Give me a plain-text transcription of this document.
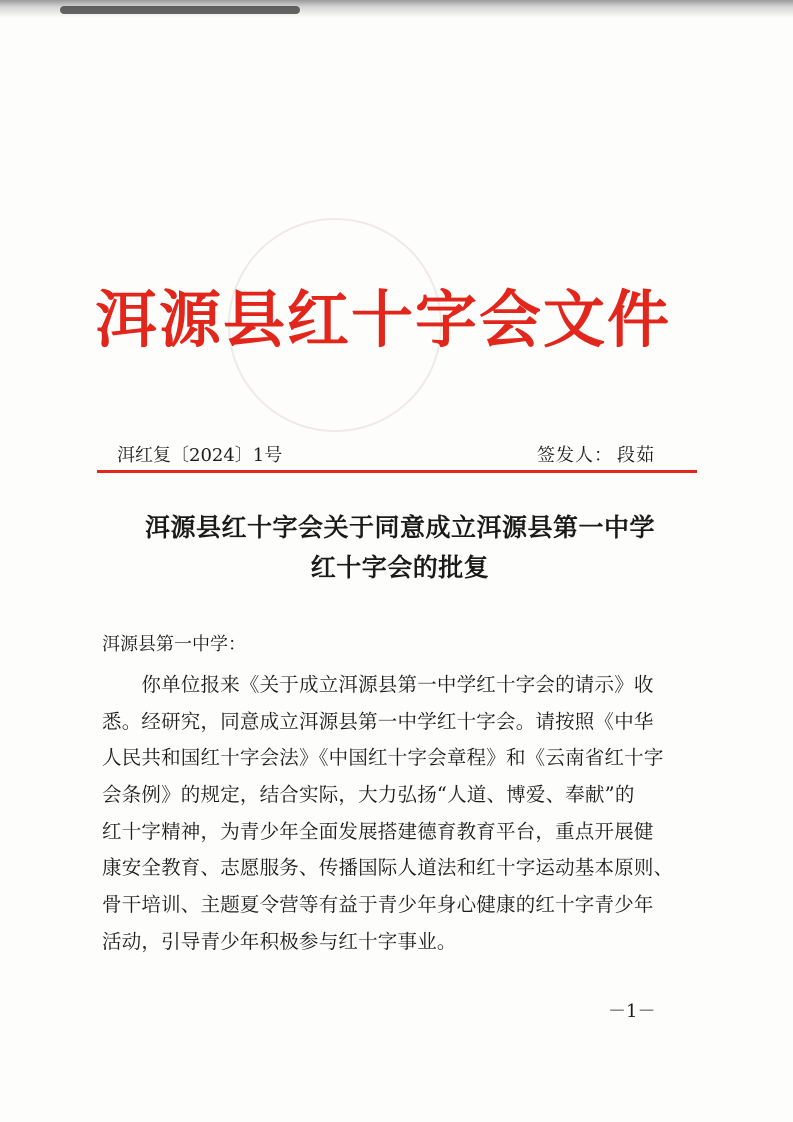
洱源县红十字会文件
洱红复〔2024〕1号	签发人： 段茹
洱源县红十字会关于同意成立洱源县第一中学
红十字会的批复
洱源县第一中学：
　　你单位报来《关于成立洱源县第一中学红十字会的请示》收
悉。经研究，同意成立洱源县第一中学红十字会。请按照《中华
人民共和国红十字会法》《中国红十字会章程》和《云南省红十字
会条例》的规定，结合实际，大力弘扬“人道、博爱、奉献”的
红十字精神，为青少年全面发展搭建德育教育平台，重点开展健
康安全教育、志愿服务、传播国际人道法和红十字运动基本原则、
骨干培训、主题夏令营等有益于青少年身心健康的红十字青少年
活动，引导青少年积极参与红十字事业。
－1－
